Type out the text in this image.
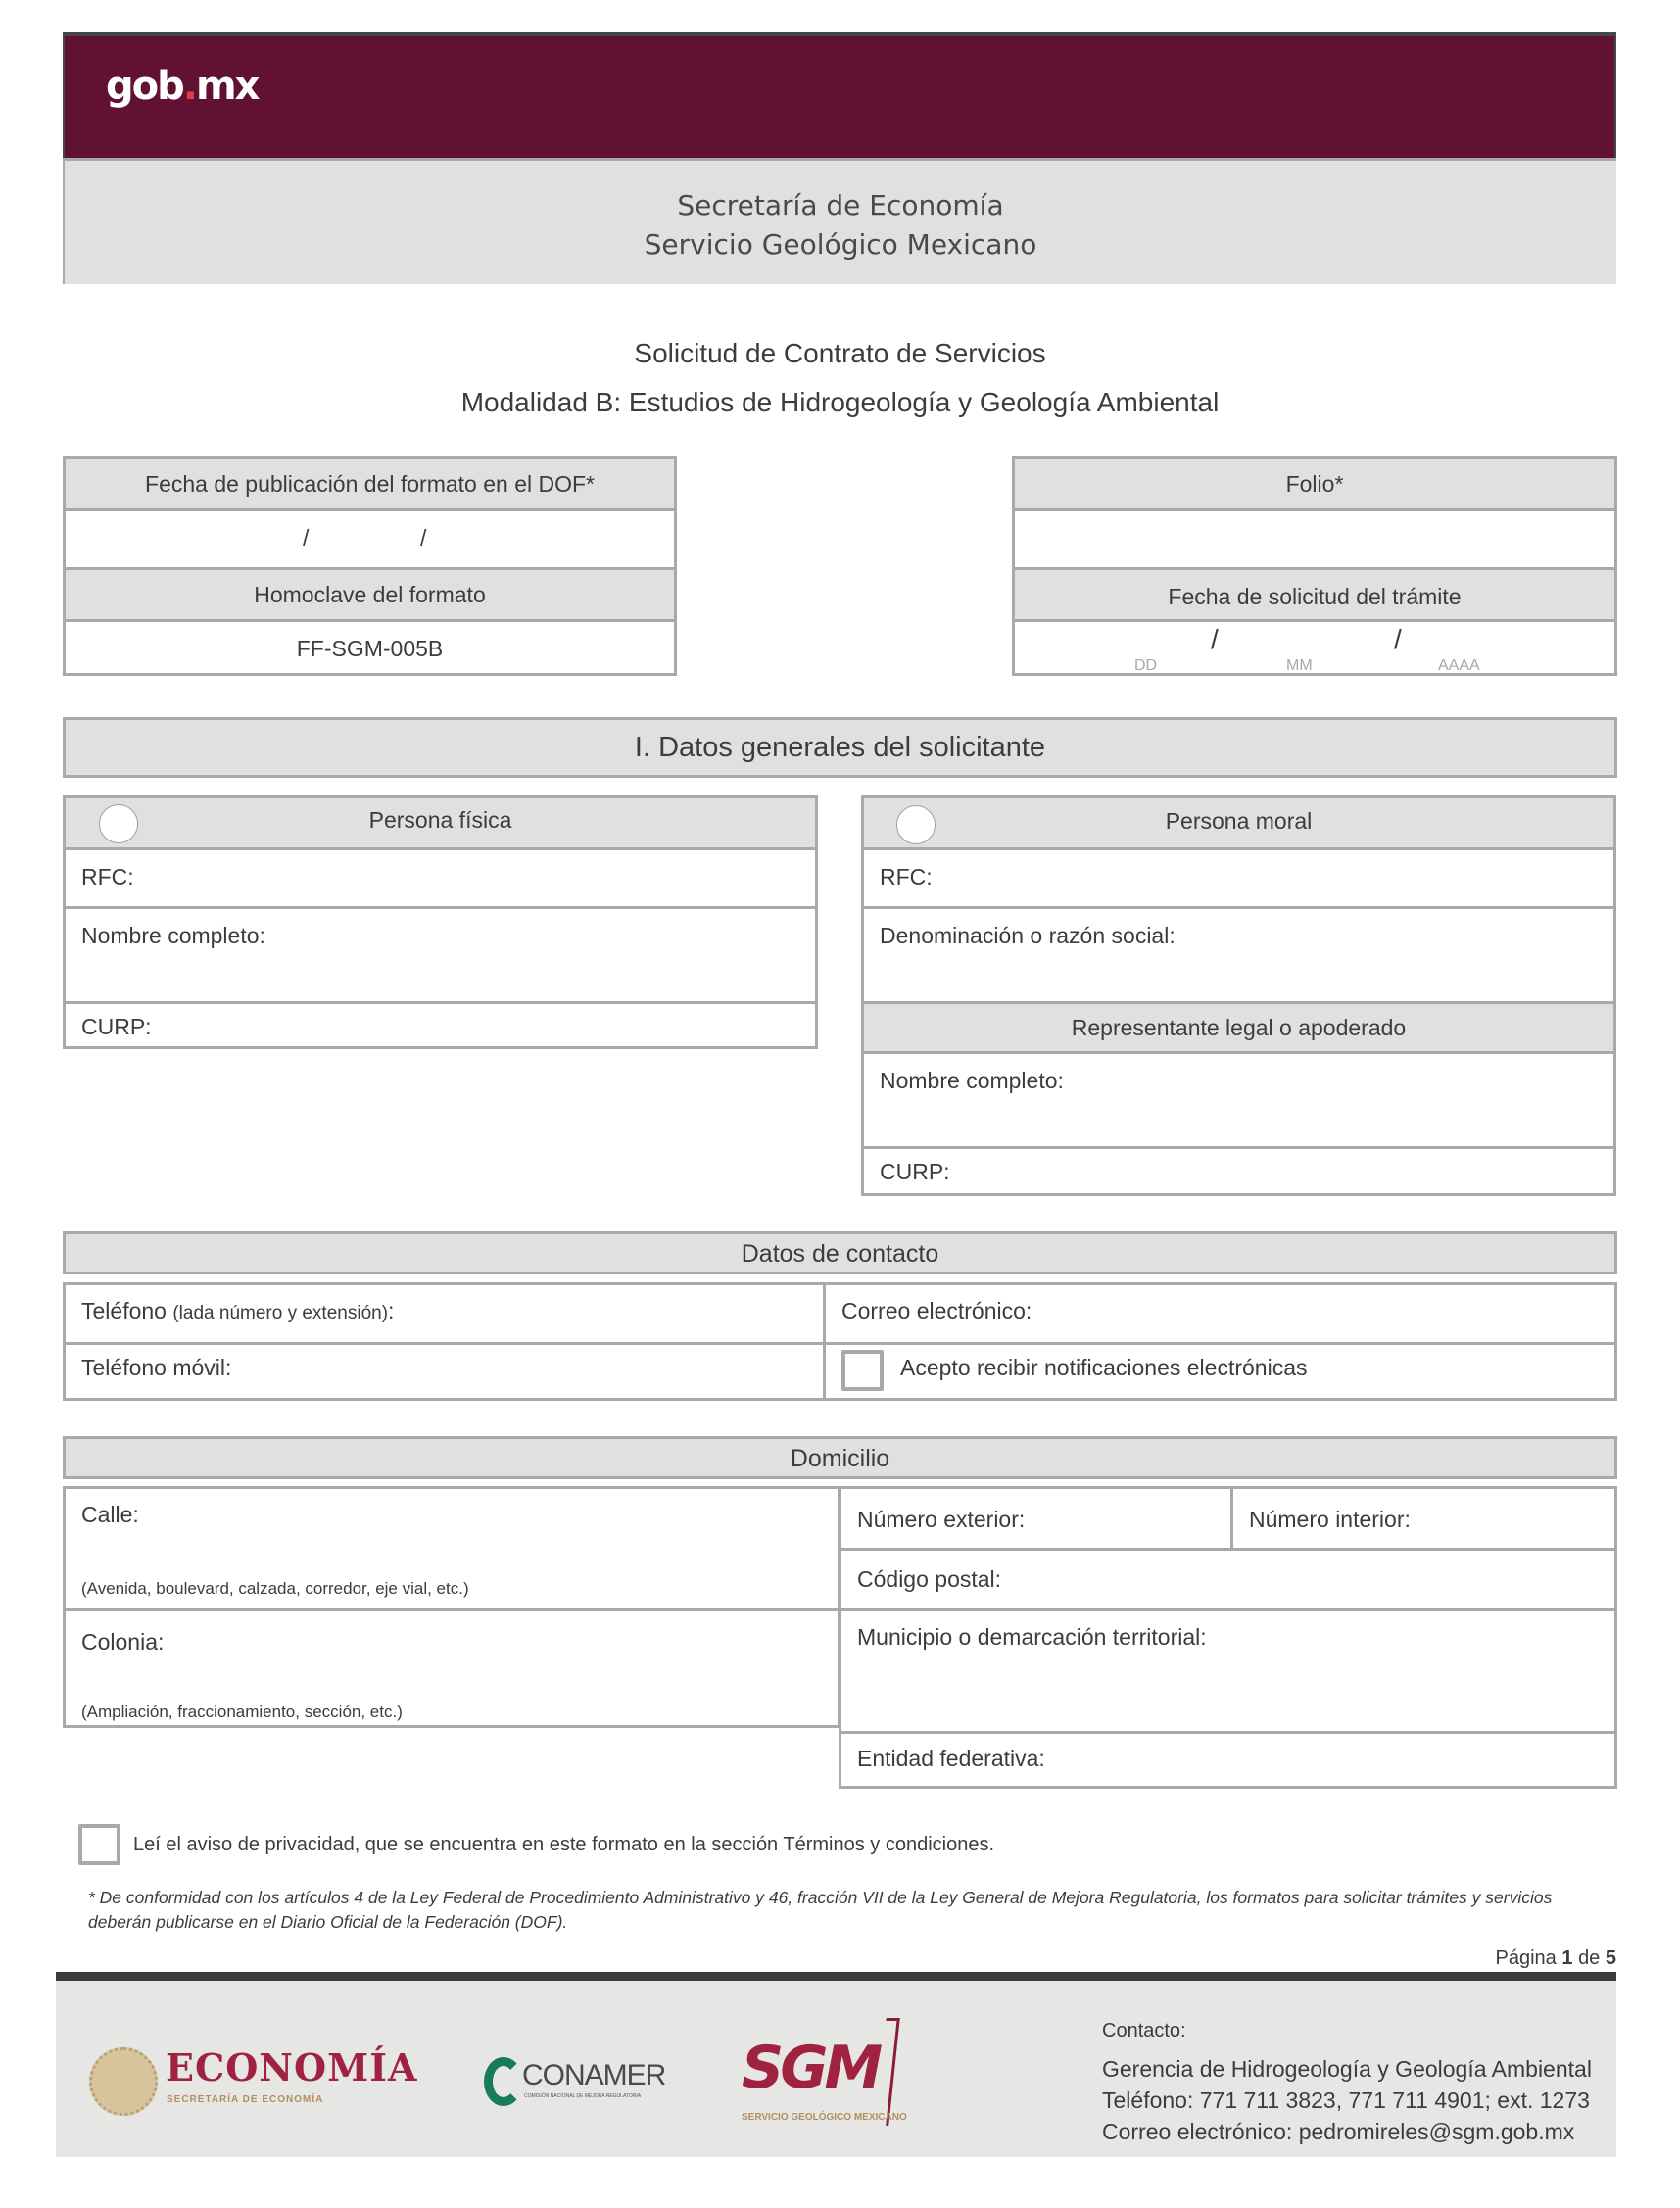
gob.mx
Secretaría de Economía
Servicio Geológico Mexicano
Solicitud de Contrato de Servicios
Modalidad B: Estudios de Hidrogeología y Geología Ambiental
Fecha de publicación del formato en el DOF*
/	/
Homoclave del formato
FF-SGM-005B
Folio*
Fecha de solicitud del trámite
/	/
DD	MM	AAAA
I. Datos generales del solicitante
Persona física
RFC:
Nombre completo:
CURP:
Persona moral
RFC:
Denominación o razón social:
Representante legal o apoderado
Nombre completo:
CURP:
Datos de contacto
Teléfono (lada número y extensión):	Correo electrónico:
Teléfono móvil:	Acepto recibir notificaciones electrónicas
Domicilio
Calle:
(Avenida, boulevard, calzada, corredor, eje vial, etc.)
Colonia:
(Ampliación, fraccionamiento, sección, etc.)
Número exterior:	Número interior:
Código postal:
Municipio o demarcación territorial:
Entidad federativa:
Leí el aviso de privacidad, que se encuentra en este formato en la sección Términos y condiciones.
* De conformidad con los artículos 4 de la Ley Federal de Procedimiento Administrativo y 46, fracción VII de la Ley General de Mejora Regulatoria, los formatos para solicitar trámites y servicios
deberán publicarse en el Diario Oficial de la Federación (DOF).
Página 1 de 5
ECONOMÍA
SECRETARÍA DE ECONOMÍA
CONAMER
COMISIÓN NACIONAL DE MEJORA REGULATORIA SGM
SERVICIO GEOLÓGICO MEXICANO
Contacto:
Gerencia de Hidrogeología y Geología Ambiental
Teléfono: 771 711 3823, 771 711 4901; ext. 1273
Correo electrónico: pedromireles@sgm.gob.mx
